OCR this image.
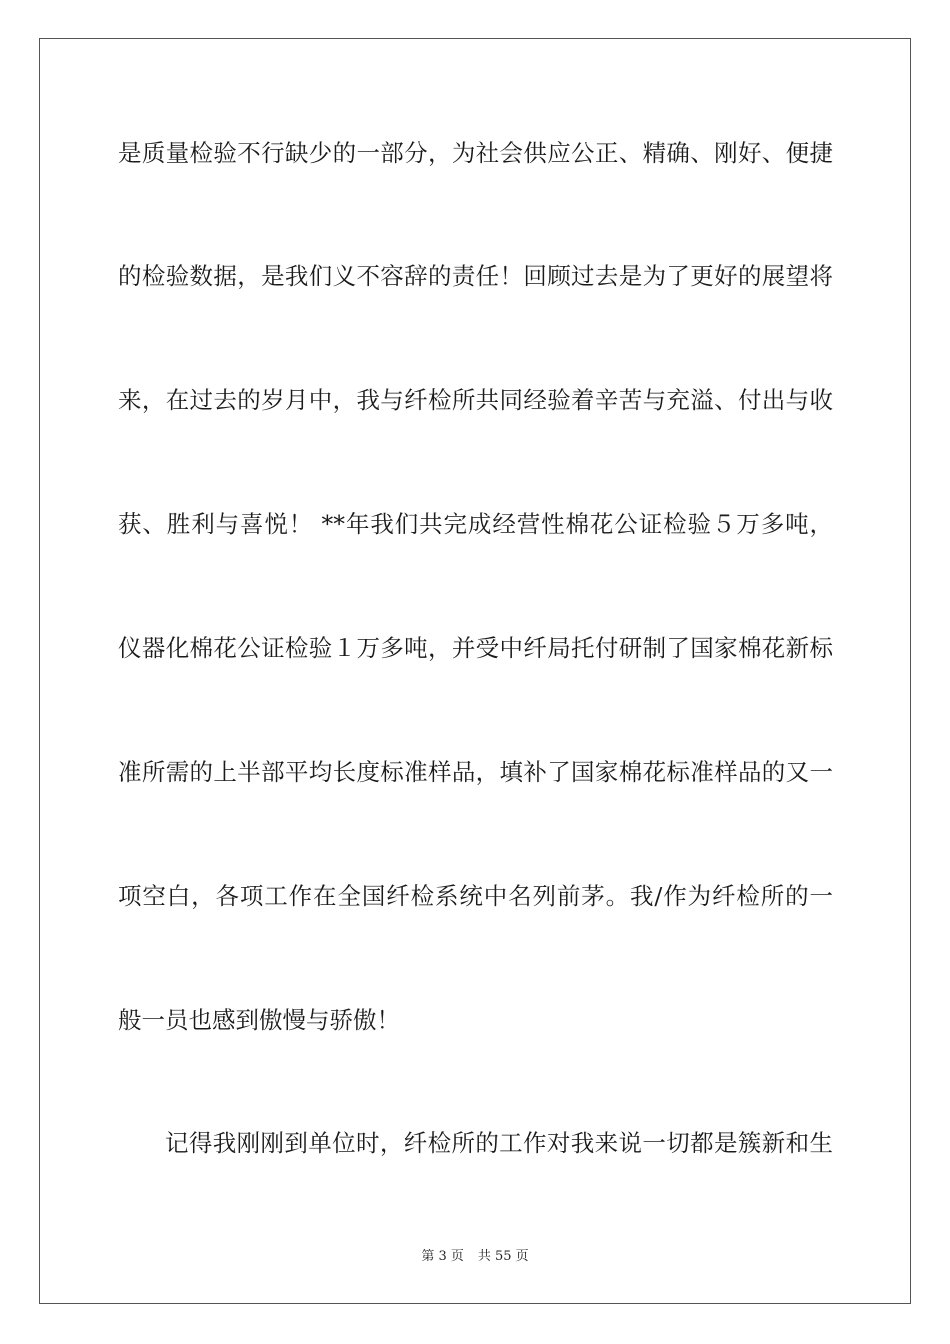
是质量检验不行缺少的一部分，为社会供应公正、精确、刚好、便捷
的检验数据，是我们义不容辞的责任！回顾过去是为了更好的展望将
来，在过去的岁月中，我与纤检所共同经验着辛苦与充溢、付出与收
获、胜利与喜悦！ **年我们共完成经营性棉花公证检验５万多吨，
仪器化棉花公证检验１万多吨，并受中纤局托付研制了国家棉花新标
准所需的上半部平均长度标准样品，填补了国家棉花标准样品的又一
项空白，各项工作在全国纤检系统中名列前茅。我/作为纤检所的一
般一员也感到傲慢与骄傲！
记得我刚刚到单位时，纤检所的工作对我来说一切都是簇新和生
第 3 页 共 55 页
